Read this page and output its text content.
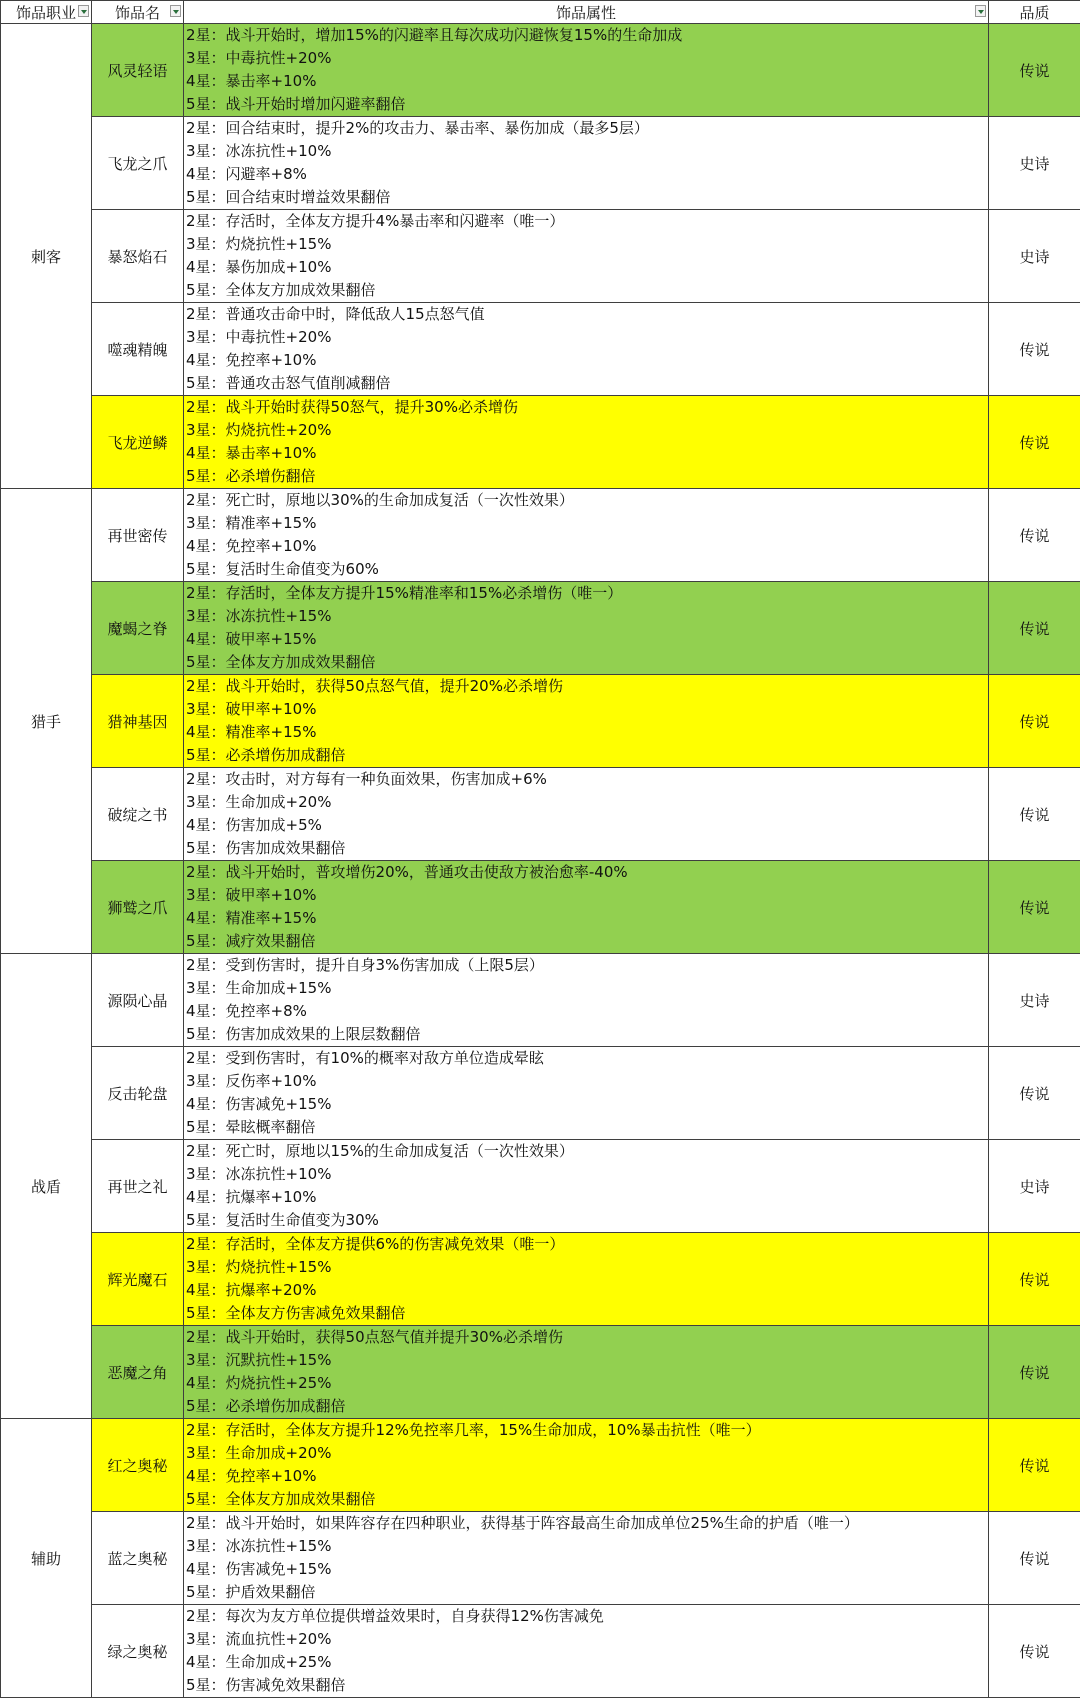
饰品职业	饰品名	饰品属性	品质
刺客	风灵轻语	2星：战斗开始时，增加15%的闪避率且每次成功闪避恢复15%的生命加成
3星：中毒抗性+20%
4星：暴击率+10%
5星：战斗开始时增加闪避率翻倍	传说
	飞龙之爪	2星：回合结束时，提升2%的攻击力、暴击率、暴伤加成（最多5层）
3星：冰冻抗性+10%
4星：闪避率+8%
5星：回合结束时增益效果翻倍	史诗
	暴怒焰石	2星：存活时，全体友方提升4%暴击率和闪避率（唯一）
3星：灼烧抗性+15%
4星：暴伤加成+10%
5星：全体友方加成效果翻倍	史诗
	噬魂精魄	2星：普通攻击命中时，降低敌人15点怒气值
3星：中毒抗性+20%
4星：免控率+10%
5星：普通攻击怒气值削减翻倍	传说
	飞龙逆鳞	2星：战斗开始时获得50怒气，提升30%必杀增伤
3星：灼烧抗性+20%
4星：暴击率+10%
5星：必杀增伤翻倍	传说
猎手	再世密传	2星：死亡时，原地以30%的生命加成复活（一次性效果）
3星：精准率+15%
4星：免控率+10%
5星：复活时生命值变为60%	传说
	魔蝎之脊	2星：存活时，全体友方提升15%精准率和15%必杀增伤（唯一）
3星：冰冻抗性+15%
4星：破甲率+15%
5星：全体友方加成效果翻倍	传说
	猎神基因	2星：战斗开始时，获得50点怒气值，提升20%必杀增伤
3星：破甲率+10%
4星：精准率+15%
5星：必杀增伤加成翻倍	传说
	破绽之书	2星：攻击时，对方每有一种负面效果，伤害加成+6%
3星：生命加成+20%
4星：伤害加成+5%
5星：伤害加成效果翻倍	传说
	狮鹫之爪	2星：战斗开始时，普攻增伤20%，普通攻击使敌方被治愈率-40%
3星：破甲率+10%
4星：精准率+15%
5星：减疗效果翻倍	传说
战盾	源陨心晶	2星：受到伤害时，提升自身3%伤害加成（上限5层）
3星：生命加成+15%
4星：免控率+8%
5星：伤害加成效果的上限层数翻倍	史诗
	反击轮盘	2星：受到伤害时，有10%的概率对敌方单位造成晕眩
3星：反伤率+10%
4星：伤害减免+15%
5星：晕眩概率翻倍	传说
	再世之礼	2星：死亡时，原地以15%的生命加成复活（一次性效果）
3星：冰冻抗性+10%
4星：抗爆率+10%
5星：复活时生命值变为30%	史诗
	辉光魔石	2星：存活时，全体友方提供6%的伤害减免效果（唯一）
3星：灼烧抗性+15%
4星：抗爆率+20%
5星：全体友方伤害减免效果翻倍	传说
	恶魔之角	2星：战斗开始时，获得50点怒气值并提升30%必杀增伤
3星：沉默抗性+15%
4星：灼烧抗性+25%
5星：必杀增伤加成翻倍	传说
辅助	红之奥秘	2星：存活时，全体友方提升12%免控率几率，15%生命加成，10%暴击抗性（唯一）
3星：生命加成+20%
4星：免控率+10%
5星：全体友方加成效果翻倍	传说
	蓝之奥秘	2星：战斗开始时，如果阵容存在四种职业，获得基于阵容最高生命加成单位25%生命的护盾（唯一）
3星：冰冻抗性+15%
4星：伤害减免+15%
5星：护盾效果翻倍	传说
	绿之奥秘	2星：每次为友方单位提供增益效果时，自身获得12%伤害减免
3星：流血抗性+20%
4星：生命加成+25%
5星：伤害减免效果翻倍	传说
